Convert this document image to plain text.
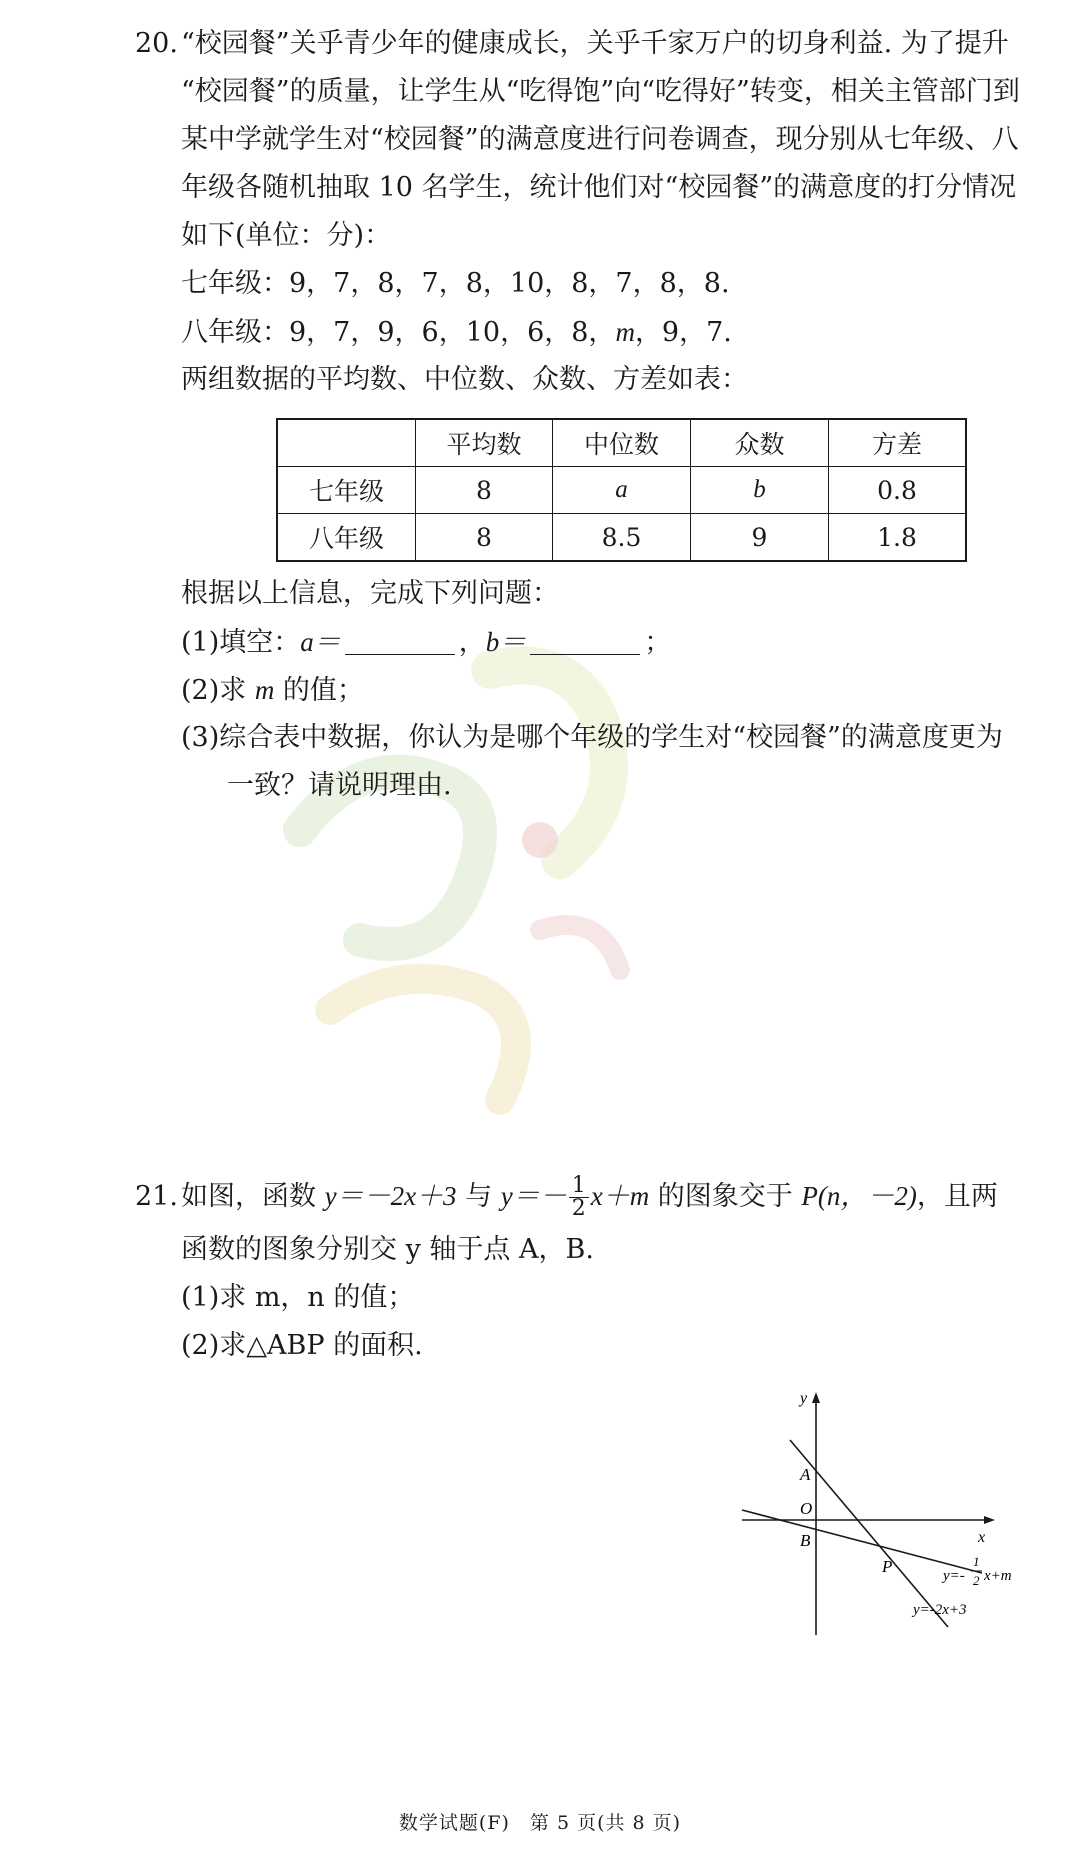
20. “校园餐”关乎青少年的健康成长，关乎千家万户的切身利益. 为了提升
“校园餐”的质量，让学生从“吃得饱”向“吃得好”转变，相关主管部门到
某中学就学生对“校园餐”的满意度进行问卷调查，现分别从七年级、八
年级各随机抽取 10 名学生，统计他们对“校园餐”的满意度的打分情况
如下(单位：分)：
七年级：9，7，8，7，8，10，8，7，8，8.
八年级：9，7，9，6，10，6，8，m，9，7.
两组数据的平均数、中位数、众数、方差如表：
	平均数	中位数	众数	方差
七年级	8	a	b	0.8
八年级	8	8.5	9	1.8
根据以上信息，完成下列问题：
(1)填空：a＝	，b＝	；
(2)求 m 的值；
(3)综合表中数据，你认为是哪个年级的学生对“校园餐”的满意度更为
一致？请说明理由.
21. 如图，函数 y＝－2x＋3 与 $y=- \frac{1}{2} x+m$ 的图象交于 P(n，－2)，且两
函数的图象分别交 y 轴于点 A，B.
(1)求 m，n 的值；
(2)求△ABP 的面积.
y
x
O
A
B
P
y=-2x+3
y=-
1
2 x+m
数学试题(F)　第 5 页(共 8 页)
